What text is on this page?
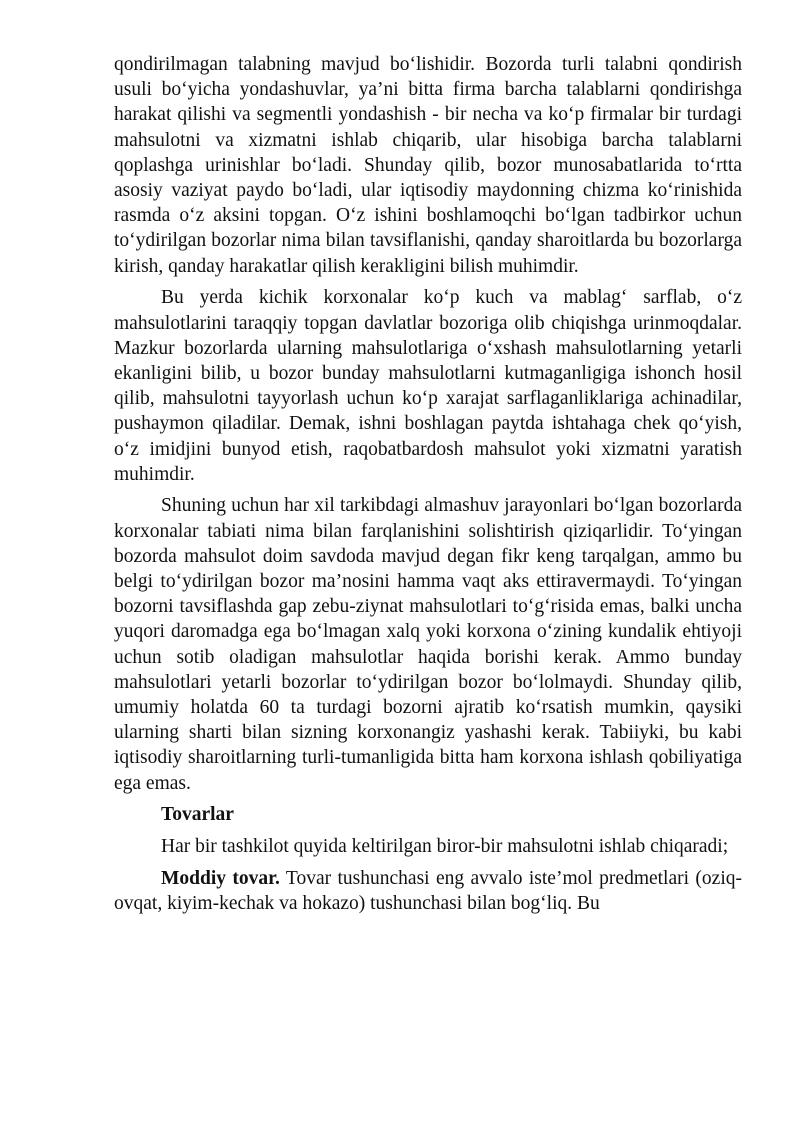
qondirilmagan talabning mavjud bo‘lishidir. Bozorda turli talabni qondirish usuli bo‘yicha yondashuvlar, ya’ni bitta firma barcha talablarni qondirishga harakat qilishi va segmentli yondashish - bir necha va ko‘p firmalar bir turdagi mahsulotni va xizmatni ishlab chiqarib, ular hisobiga barcha talablarni qoplashga urinishlar bo‘ladi. Shunday qilib, bozor munosabatlarida to‘rtta asosiy vaziyat paydo bo‘ladi, ular iqtisodiy maydonning chizma ko‘rinishida rasmda o‘z aksini topgan. O‘z ishini boshlamoqchi bo‘lgan tadbirkor uchun to‘ydirilgan bozorlar nima bilan tavsiflanishi, qanday sharoitlarda bu bozorlarga kirish, qanday harakatlar qilish kerakligini bilish muhimdir.

Bu yerda kichik korxonalar ko‘p kuch va mablag‘ sarflab, o‘z mahsulotlarini taraqqiy topgan davlatlar bozoriga olib chiqishga urinmoqdalar. Mazkur bozorlarda ularning mahsulotlariga o‘xshash mahsulotlarning yetarli ekanligini bilib, u bozor bunday mahsulotlarni kutmaganligiga ishonch hosil qilib, mahsulotni tayyorlash uchun ko‘p xarajat sarflaganliklariga achinadilar, pushaymon qiladilar. Demak, ishni boshlagan paytda ishtahaga chek qo‘yish, o‘z imidjini bunyod etish, raqobatbardosh mahsulot yoki xizmatni yaratish muhimdir.

Shuning uchun har xil tarkibdagi almashuv jarayonlari bo‘lgan bozorlarda korxonalar tabiati nima bilan farqlanishini solishtirish qiziqarlidir. To‘yingan bozorda mahsulot doim savdoda mavjud degan fikr keng tarqalgan, ammo bu belgi to‘ydirilgan bozor ma’nosini hamma vaqt aks ettiravermaydi. To‘yingan bozorni tavsiflashda gap zebu-ziynat mahsulotlari to‘g‘risida emas, balki uncha yuqori daromadga ega bo‘lmagan xalq yoki korxona o‘zining kundalik ehtiyoji uchun sotib oladigan mahsulotlar haqida borishi kerak. Ammo bunday mahsulotlari yetarli bozorlar to‘ydirilgan bozor bo‘lolmaydi. Shunday qilib, umumiy holatda 60 ta turdagi bozorni ajratib ko‘rsatish mumkin, qaysiki ularning sharti bilan sizning korxonangiz yashashi kerak. Tabiiyki, bu kabi iqtisodiy sharoitlarning turli-tumanligida bitta ham korxona ishlash qobiliyatiga ega emas.

Tovarlar

Har bir tashkilot quyida keltirilgan biror-bir mahsulotni ishlab chiqaradi;

Moddiy tovar. Tovar tushunchasi eng avvalo iste’mol predmetlari (oziq-ovqat, kiyim-kechak va hokazo) tushunchasi bilan bog‘liq. Bu
